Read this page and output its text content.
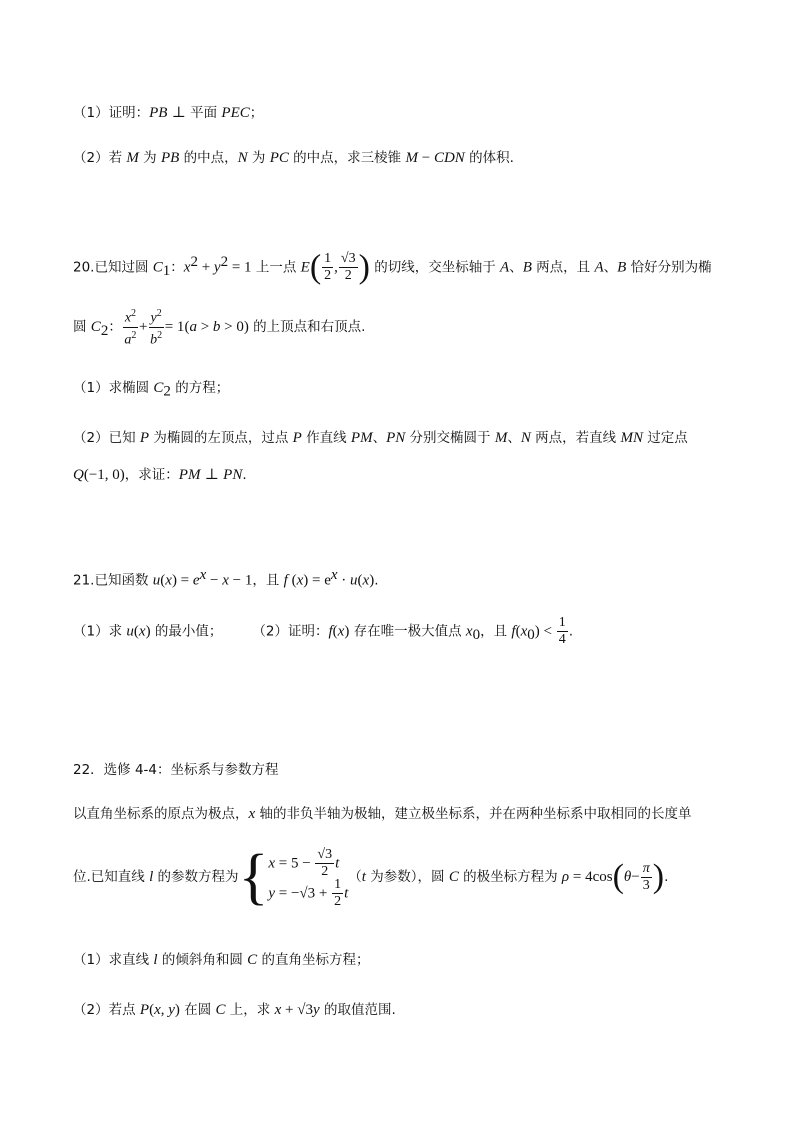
（1）证明：PB ⊥ 平面 PEC；
（2）若 M 为 PB 的中点，N 为 PC 的中点，求三棱锥 M − CDN 的体积.
20.已知过圆 $C_1$：$x^2 + y^2 = 1$ 上一点 $E( \frac{1}{2}$ , $\frac{√3}{2}$ ) 的切线，交坐标轴于 A、B 两点，且 A、B 恰好分别为椭
圆 $C_2$： $\frac{x^2}{a^2} + \frac{y^2}{b^2} = 1(a > b > 0)$ 的上顶点和右顶点.
（1）求椭圆 $C_2$ 的方程；
（2）已知 P 为椭圆的左顶点，过点 P 作直线 PM、PN 分别交椭圆于 M、N 两点，若直线 MN 过定点
Q(−1, 0)，求证：PM ⊥ PN.
21.已知函数 $u(x) = e^x - x - 1$，且 f $(x) = e^x \cdot u(x)$.
（1）求 u(x) 的最小值；       （2）证明：f(x) 存在唯一极大值点 $x_0$，且 $f(x_0) < \frac{1}{4}$ .
22．选修 4-4：坐标系与参数方程
以直角坐标系的原点为极点，x 轴的非负半轴为极轴，建立极坐标系，并在两种坐标系中取相同的长度单
位.已知直线 l 的参数方程为{ $x = 5 - \frac{√3}{2}$ t
$y = -√3 + \frac{1}{2}$ t
（t 为参数），圆 C 的极坐标方程为 $\rho = 4\cos(\theta- \frac{\pi}{3}$ ).
（1）求直线 l 的倾斜角和圆 C 的直角坐标方程；
（2）若点 P(x, y) 在圆 C 上，求 x + √3y 的取值范围.
